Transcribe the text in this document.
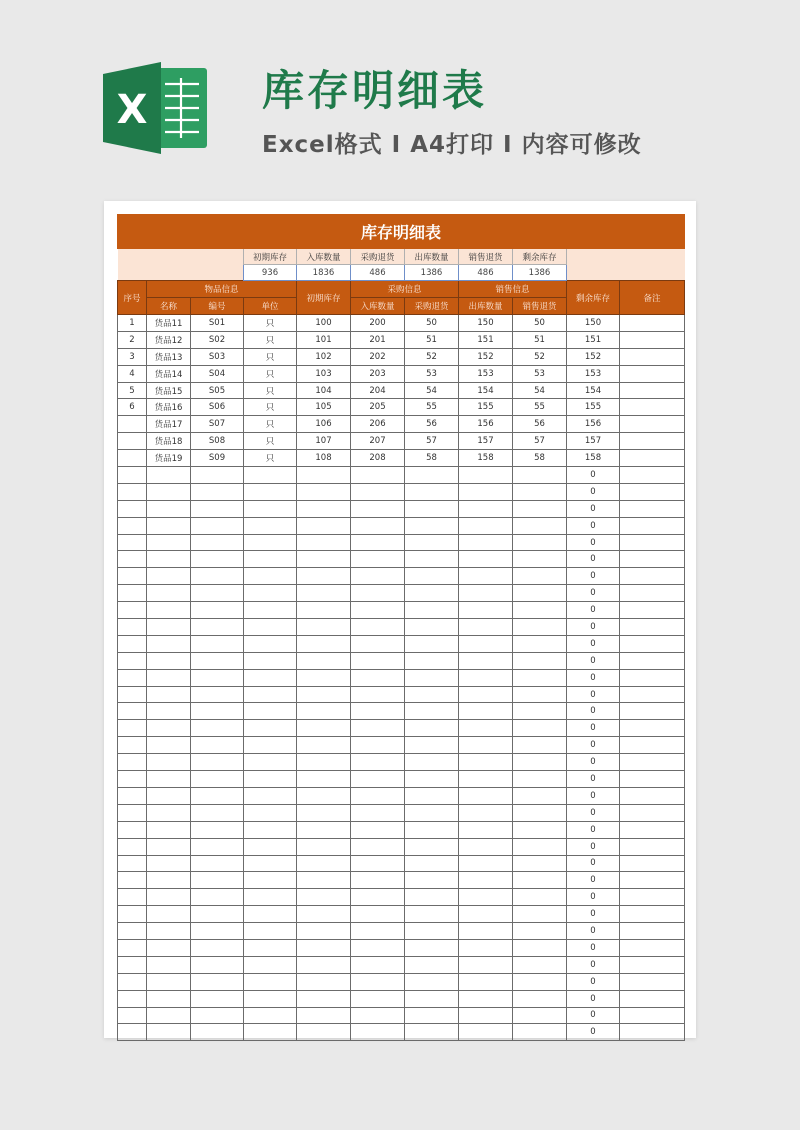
X	库存明细表
Excel格式 I A4打印 I 内容可修改
库存明细表										
			初期库存	入库数量	采购退货	出库数量	销售退货	剩余库存		
			936	1836	486	1386	486	1386		
序号	物品信息			初期库存	采购信息		销售信息		剩余库存	备注
	名称	编号	单位		入库数量	采购退货	出库数量	销售退货		
1	货品11	S01	只	100	200	50	150	50	150	
2	货品12	S02	只	101	201	51	151	51	151	
3	货品13	S03	只	102	202	52	152	52	152	
4	货品14	S04	只	103	203	53	153	53	153	
5	货品15	S05	只	104	204	54	154	54	154	
6	货品16	S06	只	105	205	55	155	55	155	
	货品17	S07	只	106	206	56	156	56	156	
	货品18	S08	只	107	207	57	157	57	157	
	货品19	S09	只	108	208	58	158	58	158	
									0	
									0	
									0	
									0	
									0	
									0	
									0	
									0	
									0	
									0	
									0	
									0	
									0	
									0	
									0	
									0	
									0	
									0	
									0	
									0	
									0	
									0	
									0	
									0	
									0	
									0	
									0	
									0	
									0	
									0	
									0	
									0	
									0	
									0	
